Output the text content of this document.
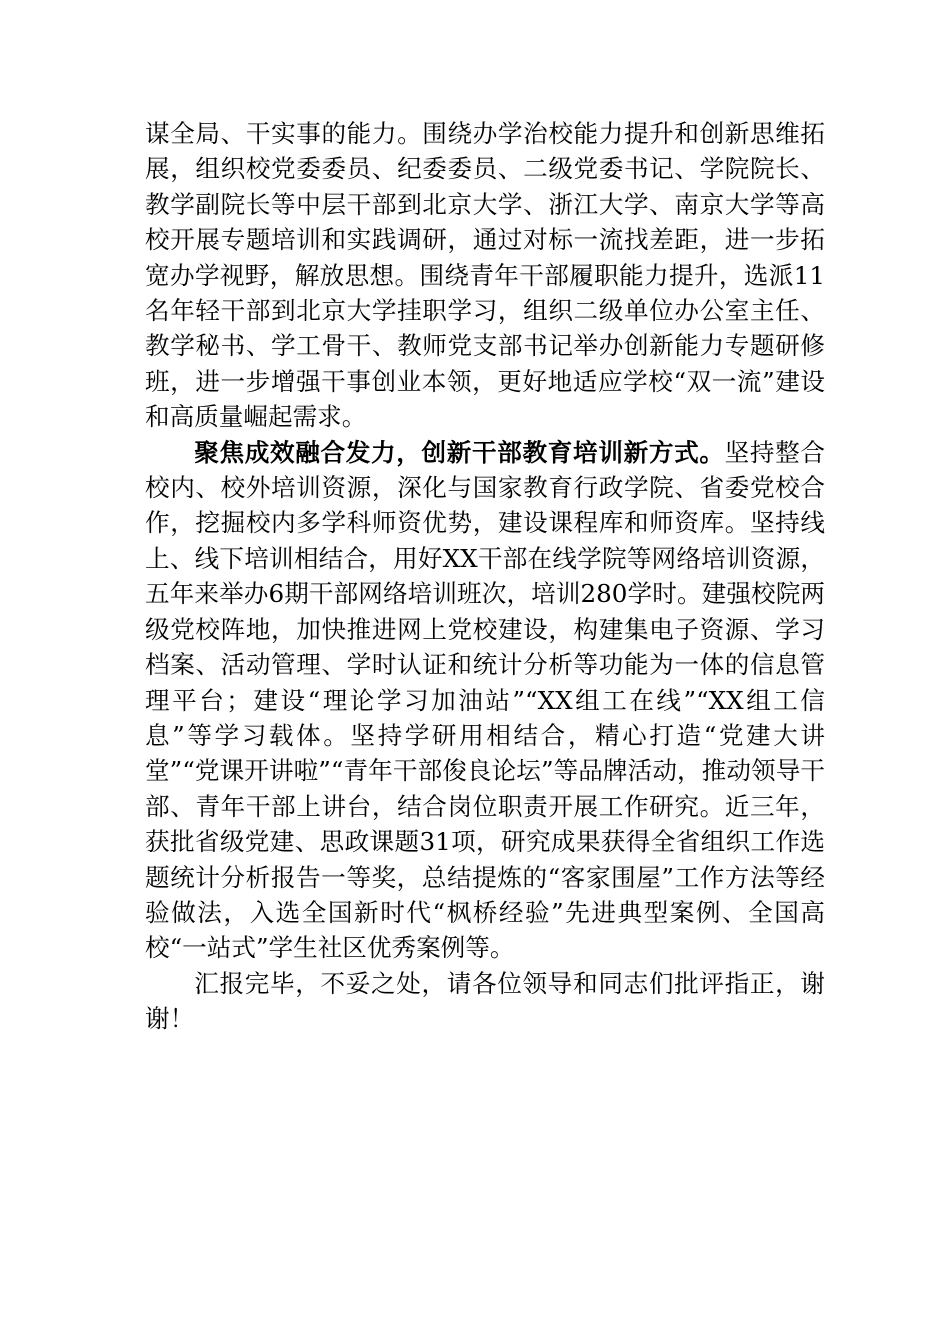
谋全局、干实事的能力。围绕办学治校能力提升和创新思维拓展，组织校党委委员、纪委委员、二级党委书记、学院院长、教学副院长等中层干部到北京大学、浙江大学、南京大学等高校开展专题培训和实践调研，通过对标一流找差距，进一步拓宽办学视野，解放思想。围绕青年干部履职能力提升，选派11名年轻干部到北京大学挂职学习，组织二级单位办公室主任、教学秘书、学工骨干、教师党支部书记举办创新能力专题研修班，进一步增强干事创业本领，更好地适应学校“双一流”建设和高质量崛起需求。

聚焦成效融合发力，创新干部教育培训新方式。坚持整合校内、校外培训资源，深化与国家教育行政学院、省委党校合作，挖掘校内多学科师资优势，建设课程库和师资库。坚持线上、线下培训相结合，用好XX干部在线学院等网络培训资源，五年来举办6期干部网络培训班次，培训280学时。建强校院两级党校阵地，加快推进网上党校建设，构建集电子资源、学习档案、活动管理、学时认证和统计分析等功能为一体的信息管理平台；建设“理论学习加油站”“XX组工在线”“XX组工信息”等学习载体。坚持学研用相结合，精心打造“党建大讲堂”“党课开讲啦”“青年干部俊良论坛”等品牌活动，推动领导干部、青年干部上讲台，结合岗位职责开展工作研究。近三年，获批省级党建、思政课题31项，研究成果获得全省组织工作选题统计分析报告一等奖，总结提炼的“客家围屋”工作方法等经验做法，入选全国新时代“枫桥经验”先进典型案例、全国高校“一站式”学生社区优秀案例等。

汇报完毕，不妥之处，请各位领导和同志们批评指正，谢谢！
